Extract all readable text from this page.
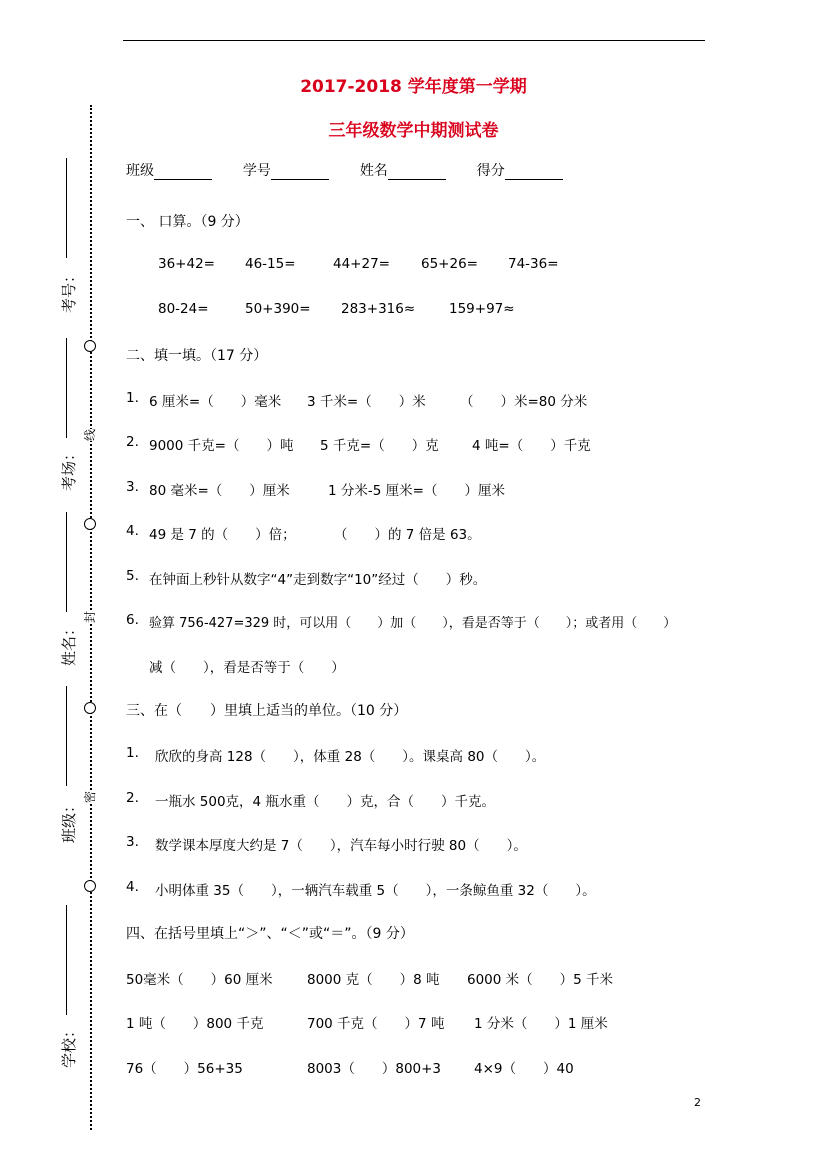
2017-2018 学年度第一学期
三年级数学中期测试卷
班级	学号	姓名	得分
一、 口算。（9 分）
36+42= 46-15=	44+27= 65+26= 74-36=
80-24=	50+390= 283+316≈	159+97≈
二、填一填。（17 分）
1. 6 厘米=（　　）毫米 3 千米=（　　）米	（　　）米=80 分米
2. 9000 千克=（　　）吨 5 千克=（　　）克 4 吨=（　　）千克
3. 80 毫米=（　　）厘米	1 分米-5 厘米=（　　）厘米
4. 49 是 7 的（　　）倍；	（　　）的 7 倍是 63。
5. 在钟面上秒针从数字“4”走到数字“10”经过（　　）秒。
6. 验算 756-427=329 时，可以用（　　）加（　　），看是否等于（　　）；或者用（　　）
减（　　），看是否等于（　　）
三、在（　　）里填上适当的单位。（10 分）
1. 欣欣的身高 128（　　），体重 28（　　）。课桌高 80（　　）。
2. 一瓶水 500克，4 瓶水重（　　）克，合（　　）千克。
3. 数学课本厚度大约是 7（　　），汽车每小时行驶 80（　　）。
4. 小明体重 35（　　），一辆汽车载重 5（　　），一条鲸鱼重 32（　　）。
四、在括号里填上“＞”、“＜”或“＝”。（9 分）
50毫米（　　）60 厘米	8000 克（　　）8 吨 6000 米（　　）5 千米
1 吨（　　）800 千克	700 千克（　　）7 吨 1 分米（　　）1 厘米
76（　　）56+35	8003（　　）800+3 4×9（　　）40
线
封
密
考号：
考场：
姓名：
班级：
学校：
2
